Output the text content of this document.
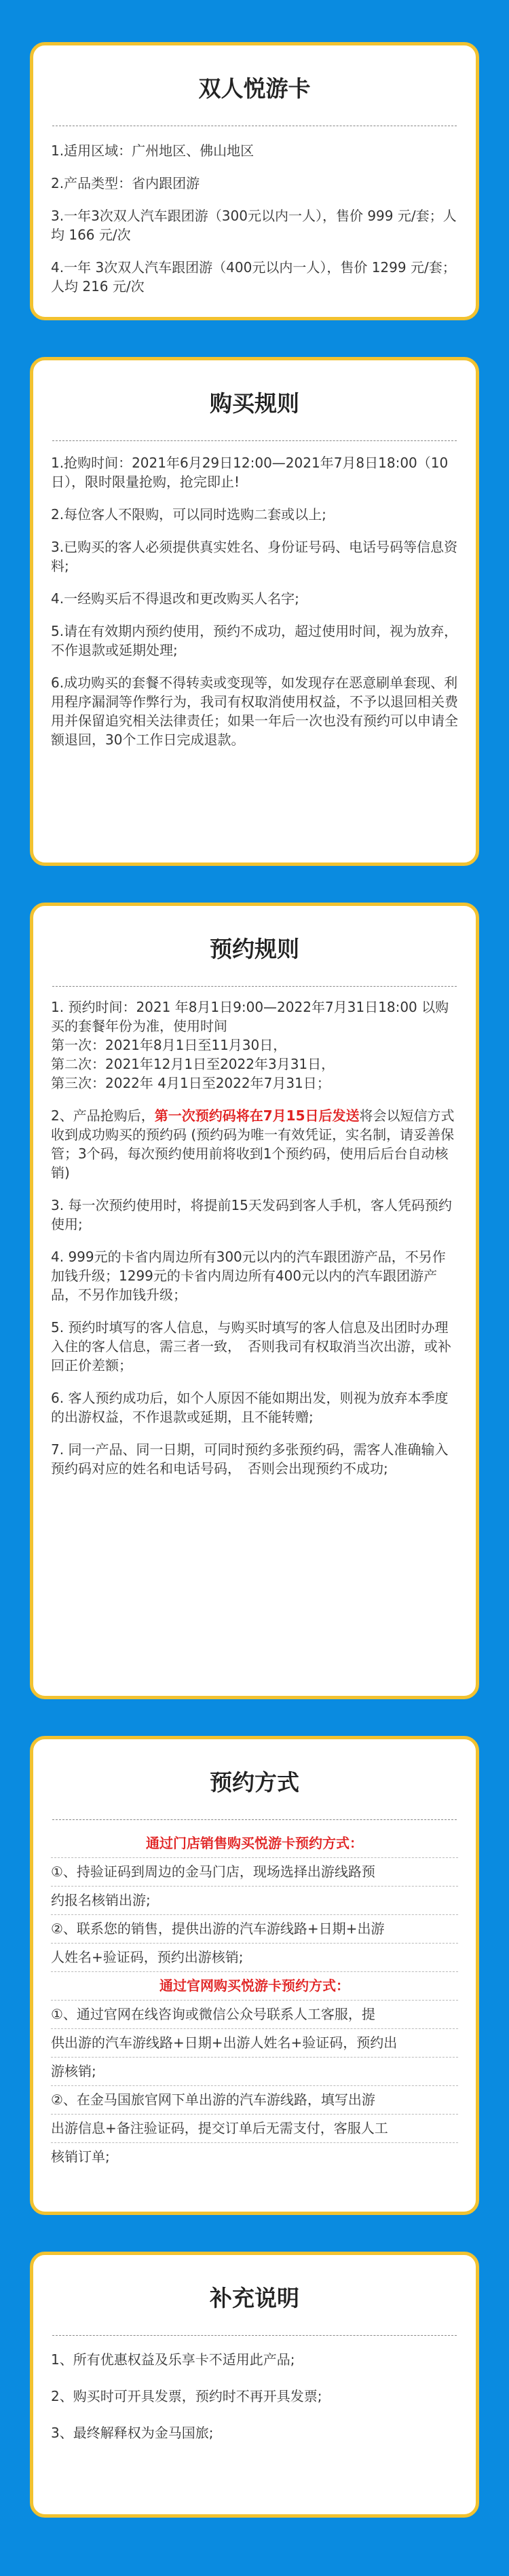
双人悦游卡

1.适用区域：广州地区、佛山地区

2.产品类型：省内跟团游

3.一年3次双人汽车跟团游（300元以内一人），售价 999 元/套；人均 166 元/次

4.一年 3次双人汽车跟团游（400元以内一人），售价 1299 元/套；人均 216 元/次

购买规则

1.抢购时间：2021年6月29日12:00—2021年7月8日18:00（10日），限时限量抢购，抢完即止!

2.每位客人不限购，可以同时选购二套或以上;

3.已购买的客人必须提供真实姓名、身份证号码、电话号码等信息资料;

4.一经购买后不得退改和更改购买人名字;

5.请在有效期内预约使用，预约不成功，超过使用时间，视为放弃，不作退款或延期处理;

6.成功购买的套餐不得转卖或变现等，如发现存在恶意刷单套现、利用程序漏洞等作弊行为，我司有权取消使用权益，不予以退回相关费用并保留追究相关法律责任；如果一年后一次也没有预约可以申请全额退回，30个工作日完成退款。

预约规则

1. 预约时间：2021 年8月1日9:00—2022年7月31日18:00 以购买的套餐年份为准，使用时间

第一次：2021年8月1日至11月30日，

第二次：2021年12月1日至2022年3月31日，

第三次：2022年 4月1日至2022年7月31日；

2、产品抢购后，第一次预约码将在7月15日后发送将会以短信方式收到成功购买的预约码 (预约码为唯一有效凭证，实名制，请妥善保管；3个码，每次预约使用前将收到1个预约码，使用后后台自动核销)

3. 每一次预约使用时，将提前15天发码到客人手机，客人凭码预约使用;

4. 999元的卡省内周边所有300元以内的汽车跟团游产品，不另作加钱升级；1299元的卡省内周边所有400元以内的汽车跟团游产品，不另作加钱升级；

5. 预约时填写的客人信息，与购买时填写的客人信息及出团时办理入住的客人信息，需三者一致，　否则我司有权取消当次出游，或补回正价差额；

6. 客人预约成功后，如个人原因不能如期出发，则视为放弃本季度的出游权益，不作退款或延期，且不能转赠;

7. 同一产品、同一日期，可同时预约多张预约码，需客人准确输入预约码对应的姓名和电话号码，　否则会出现预约不成功;

预约方式
通过门店销售购买悦游卡预约方式：
①、持验证码到周边的金马门店，现场选择出游线路预
约报名核销出游;
②、联系您的销售，提供出游的汽车游线路+日期+出游
人姓名+验证码，预约出游核销;
通过官网购买悦游卡预约方式：
①、通过官网在线咨询或微信公众号联系人工客服，提
供出游的汽车游线路+日期+出游人姓名+验证码，预约出
游核销;
②、在金马国旅官网下单出游的汽车游线路，填写出游
出游信息+备注验证码，提交订单后无需支付，客服人工
核销订单;
补充说明
1、所有优惠权益及乐享卡不适用此产品;
2、购买时可开具发票，预约时不再开具发票;
3、最终解释权为金马国旅;
